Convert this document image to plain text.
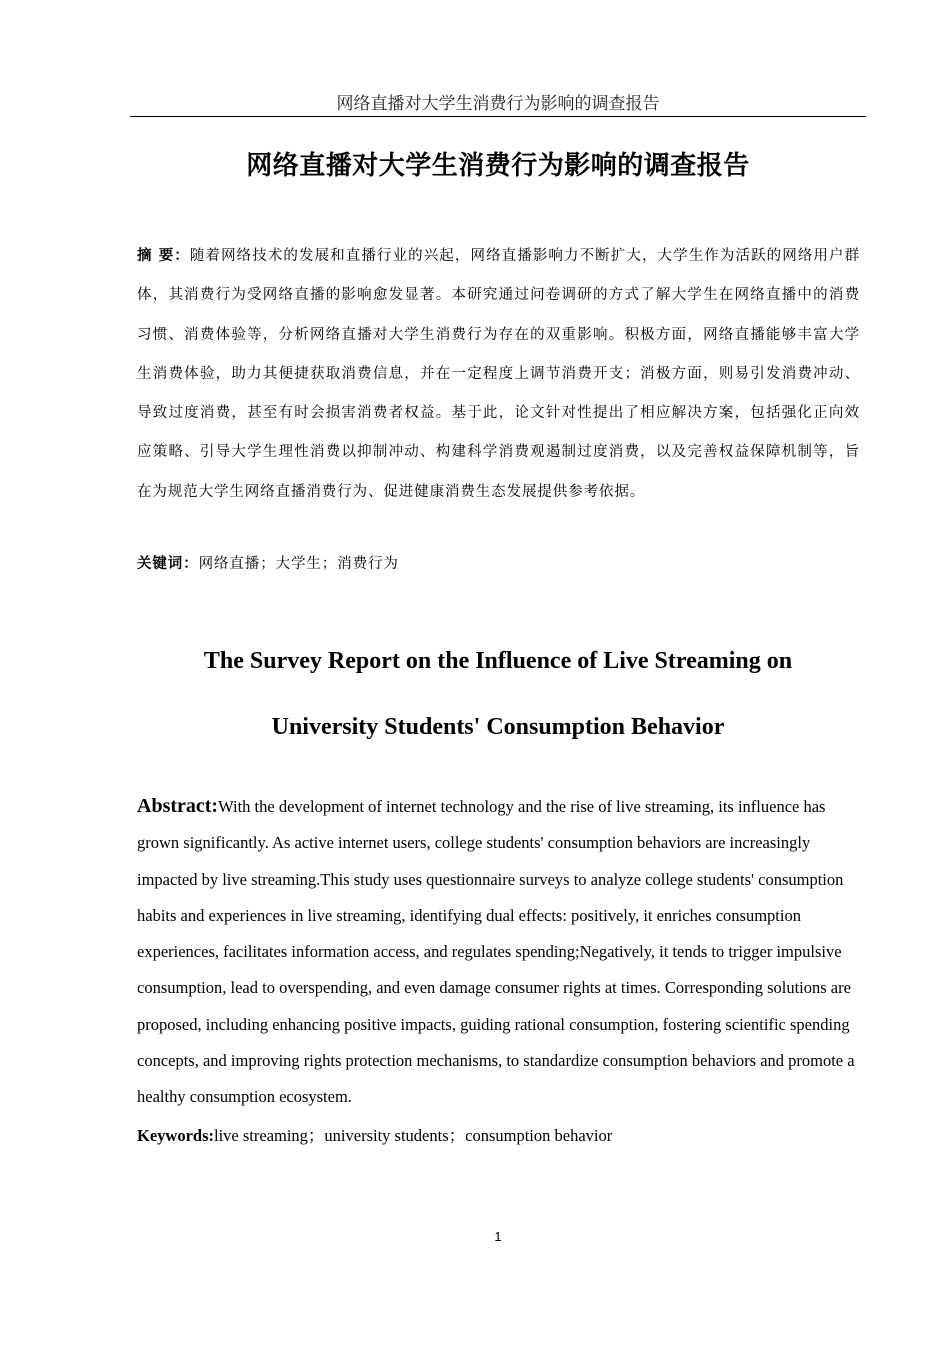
网络直播对大学生消费行为影响的调查报告
网络直播对大学生消费行为影响的调查报告
摘 要：随着网络技术的发展和直播行业的兴起，网络直播影响力不断扩大，大学生作为活跃的网络用户群体，其消费行为受网络直播的影响愈发显著。本研究通过问卷调研的方式了解大学生在网络直播中的消费习惯、消费体验等，分析网络直播对大学生消费行为存在的双重影响。积极方面，网络直播能够丰富大学生消费体验，助力其便捷获取消费信息，并在一定程度上调节消费开支；消极方面，则易引发消费冲动、导致过度消费，甚至有时会损害消费者权益。基于此，论文针对性提出了相应解决方案，包括强化正向效应策略、引导大学生理性消费以抑制冲动、构建科学消费观遏制过度消费，以及完善权益保障机制等，旨在为规范大学生网络直播消费行为、促进健康消费生态发展提供参考依据。
关键词：网络直播；大学生；消费行为
The Survey Report on the Influence of Live Streaming on
University Students' Consumption Behavior
Abstract:With the development of internet technology and the rise of live streaming, its influence has grown significantly. As active internet users, college students' consumption behaviors are increasingly impacted by live streaming.This study uses questionnaire surveys to analyze college students' consumption habits and experiences in live streaming, identifying dual effects: positively, it enriches consumption experiences, facilitates information access, and regulates spending;Negatively, it tends to trigger impulsive consumption, lead to overspending, and even damage consumer rights at times. Corresponding solutions are proposed, including enhancing positive impacts, guiding rational consumption, fostering scientific spending concepts, and improving rights protection mechanisms, to standardize consumption behaviors and promote a healthy consumption ecosystem.
Keywords:live streaming；university students；consumption behavior
1
